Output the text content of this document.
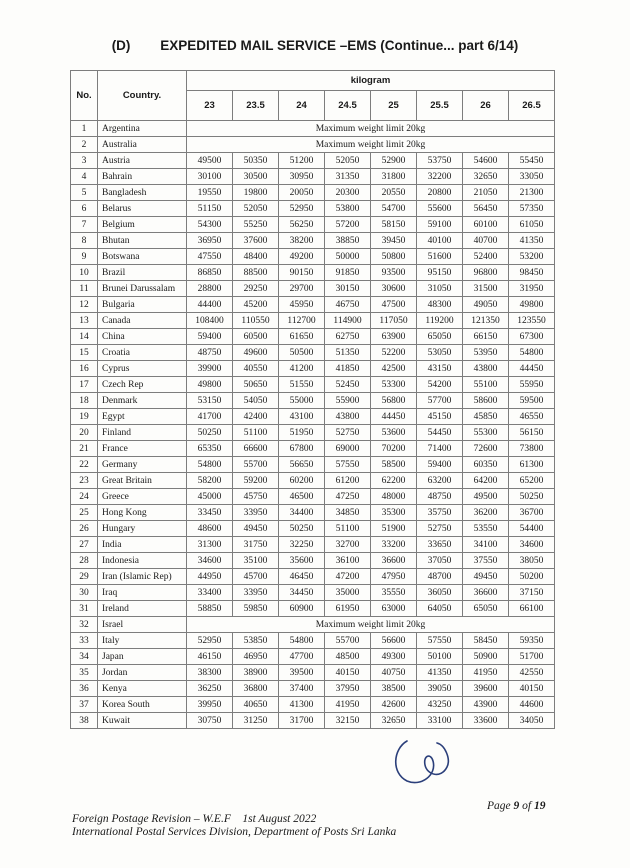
(D) EXPEDITED MAIL SERVICE –EMS (Continue... part 6/14)
No.	Country.	kilogram							
		23	23.5	24	24.5	25	25.5	26	26.5
1	Argentina	Maximum weight limit 20kg							
2	Australia	Maximum weight limit 20kg							
3	Austria	49500	50350	51200	52050	52900	53750	54600	55450
4	Bahrain	30100	30500	30950	31350	31800	32200	32650	33050
5	Bangladesh	19550	19800	20050	20300	20550	20800	21050	21300
6	Belarus	51150	52050	52950	53800	54700	55600	56450	57350
7	Belgium	54300	55250	56250	57200	58150	59100	60100	61050
8	Bhutan	36950	37600	38200	38850	39450	40100	40700	41350
9	Botswana	47550	48400	49200	50000	50800	51600	52400	53200
10	Brazil	86850	88500	90150	91850	93500	95150	96800	98450
11	Brunei Darussalam	28800	29250	29700	30150	30600	31050	31500	31950
12	Bulgaria	44400	45200	45950	46750	47500	48300	49050	49800
13	Canada	108400	110550	112700	114900	117050	119200	121350	123550
14	China	59400	60500	61650	62750	63900	65050	66150	67300
15	Croatia	48750	49600	50500	51350	52200	53050	53950	54800
16	Cyprus	39900	40550	41200	41850	42500	43150	43800	44450
17	Czech Rep	49800	50650	51550	52450	53300	54200	55100	55950
18	Denmark	53150	54050	55000	55900	56800	57700	58600	59500
19	Egypt	41700	42400	43100	43800	44450	45150	45850	46550
20	Finland	50250	51100	51950	52750	53600	54450	55300	56150
21	France	65350	66600	67800	69000	70200	71400	72600	73800
22	Germany	54800	55700	56650	57550	58500	59400	60350	61300
23	Great Britain	58200	59200	60200	61200	62200	63200	64200	65200
24	Greece	45000	45750	46500	47250	48000	48750	49500	50250
25	Hong Kong	33450	33950	34400	34850	35300	35750	36200	36700
26	Hungary	48600	49450	50250	51100	51900	52750	53550	54400
27	India	31300	31750	32250	32700	33200	33650	34100	34600
28	Indonesia	34600	35100	35600	36100	36600	37050	37550	38050
29	Iran (Islamic Rep)	44950	45700	46450	47200	47950	48700	49450	50200
30	Iraq	33400	33950	34450	35000	35550	36050	36600	37150
31	Ireland	58850	59850	60900	61950	63000	64050	65050	66100
32	Israel	Maximum weight limit 20kg							
33	Italy	52950	53850	54800	55700	56600	57550	58450	59350
34	Japan	46150	46950	47700	48500	49300	50100	50900	51700
35	Jordan	38300	38900	39500	40150	40750	41350	41950	42550
36	Kenya	36250	36800	37400	37950	38500	39050	39600	40150
37	Korea South	39950	40650	41300	41950	42600	43250	43900	44600
38	Kuwait	30750	31250	31700	32150	32650	33100	33600	34050
Page 9 of 19
Foreign Postage Revision – W.E.F    1st August 2022
International Postal Services Division, Department of Posts Sri Lanka
